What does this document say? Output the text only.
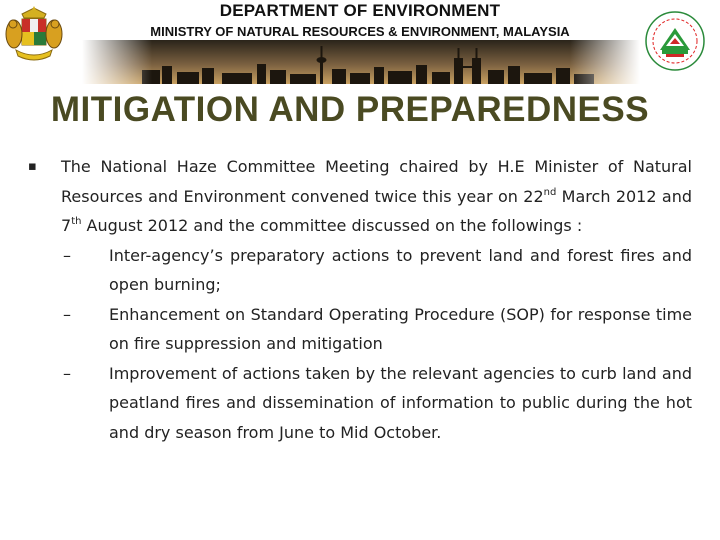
DEPARTMENT OF ENVIRONMENT
MINISTRY OF NATURAL RESOURCES & ENVIRONMENT, MALAYSIA
MITIGATION AND PREPAREDNESS
▪	The National Haze Committee Meeting chaired by H.E Minister of Natural Resources and Environment convened twice this year on 22nd March 2012 and 7th August 2012 and the committee discussed on the followings :
–	Inter-agency’s preparatory actions to prevent land and forest fires and open burning;
–	Enhancement on Standard Operating Procedure (SOP) for response time on fire suppression and mitigation
–	Improvement of actions taken by the relevant agencies to curb land and peatland fires and dissemination of information to public during the hot and dry season from June to Mid October.
